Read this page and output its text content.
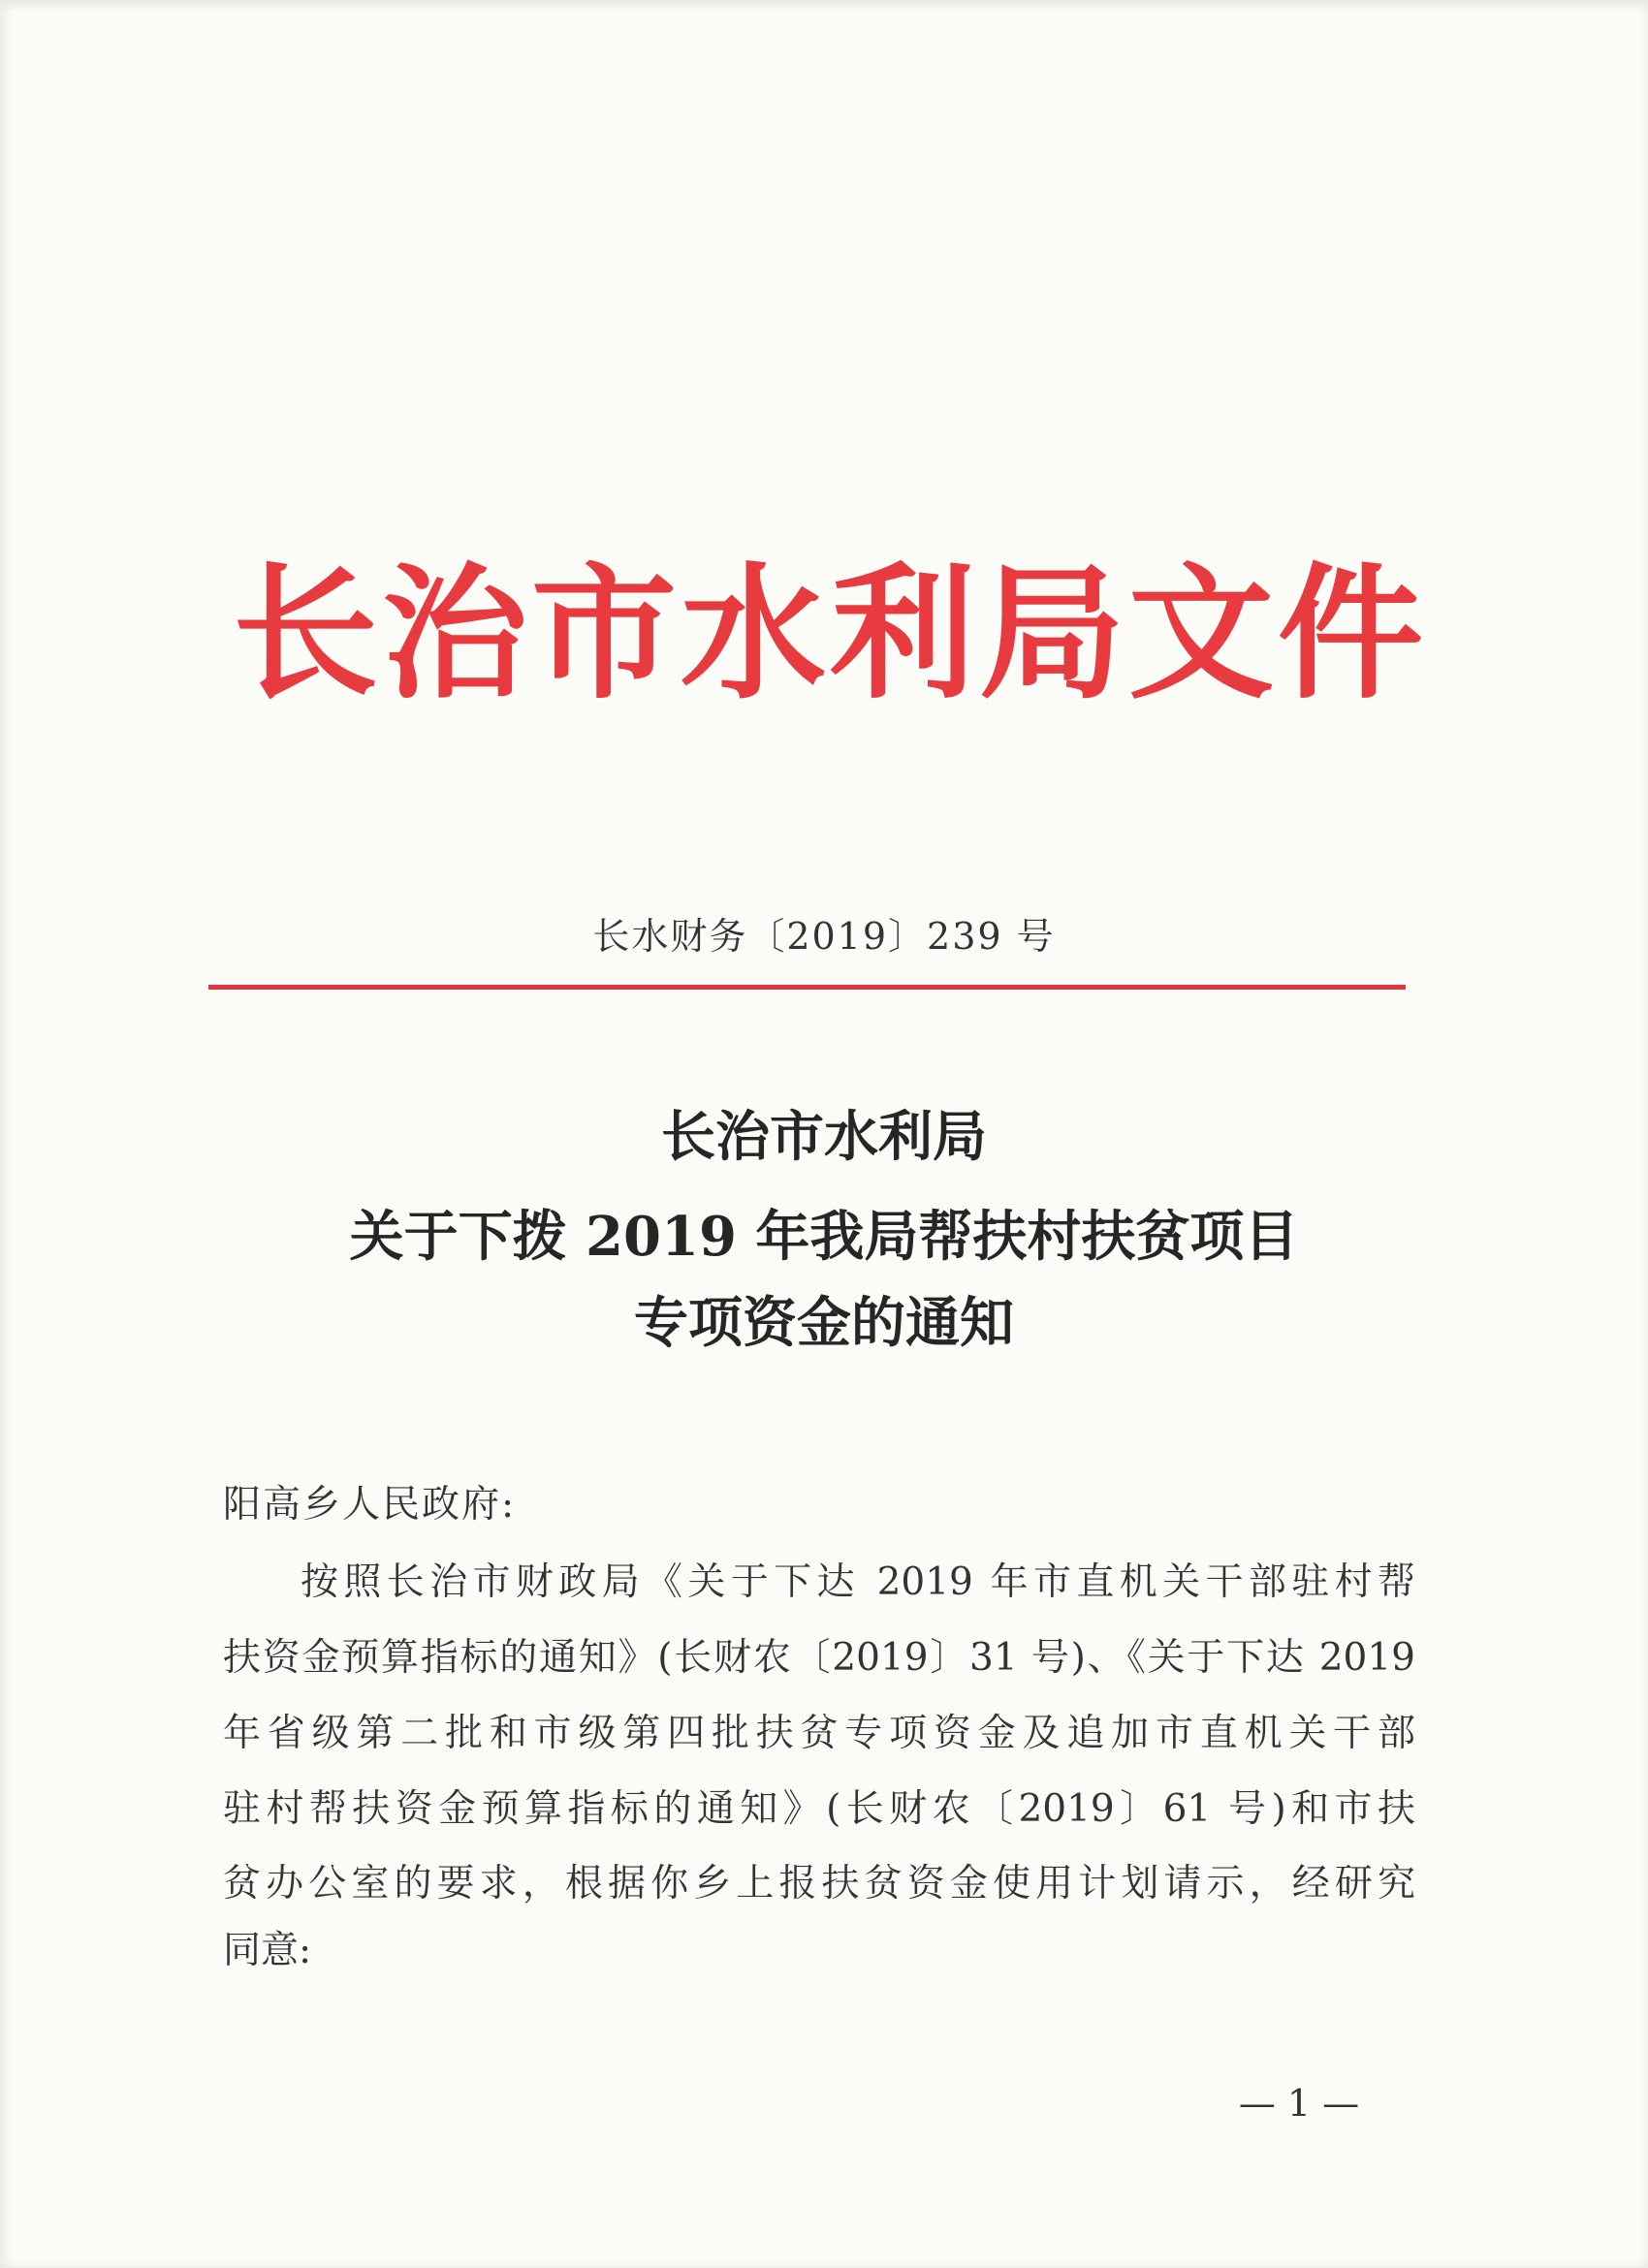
长治市水利局文件
长水财务〔2019〕239 号
长治市水利局
关于下拨 2019 年我局帮扶村扶贫项目
专项资金的通知
阳高乡人民政府:
按照长治市财政局《关于下达 2019 年市直机关干部驻村帮
扶资金预算指标的通知》(长财农〔2019〕31 号)、《关于下达 2019
年省级第二批和市级第四批扶贫专项资金及追加市直机关干部
驻村帮扶资金预算指标的通知》(长财农〔2019〕61 号)和市扶
贫办公室的要求，根据你乡上报扶贫资金使用计划请示，经研究
同意:
— 1 —
